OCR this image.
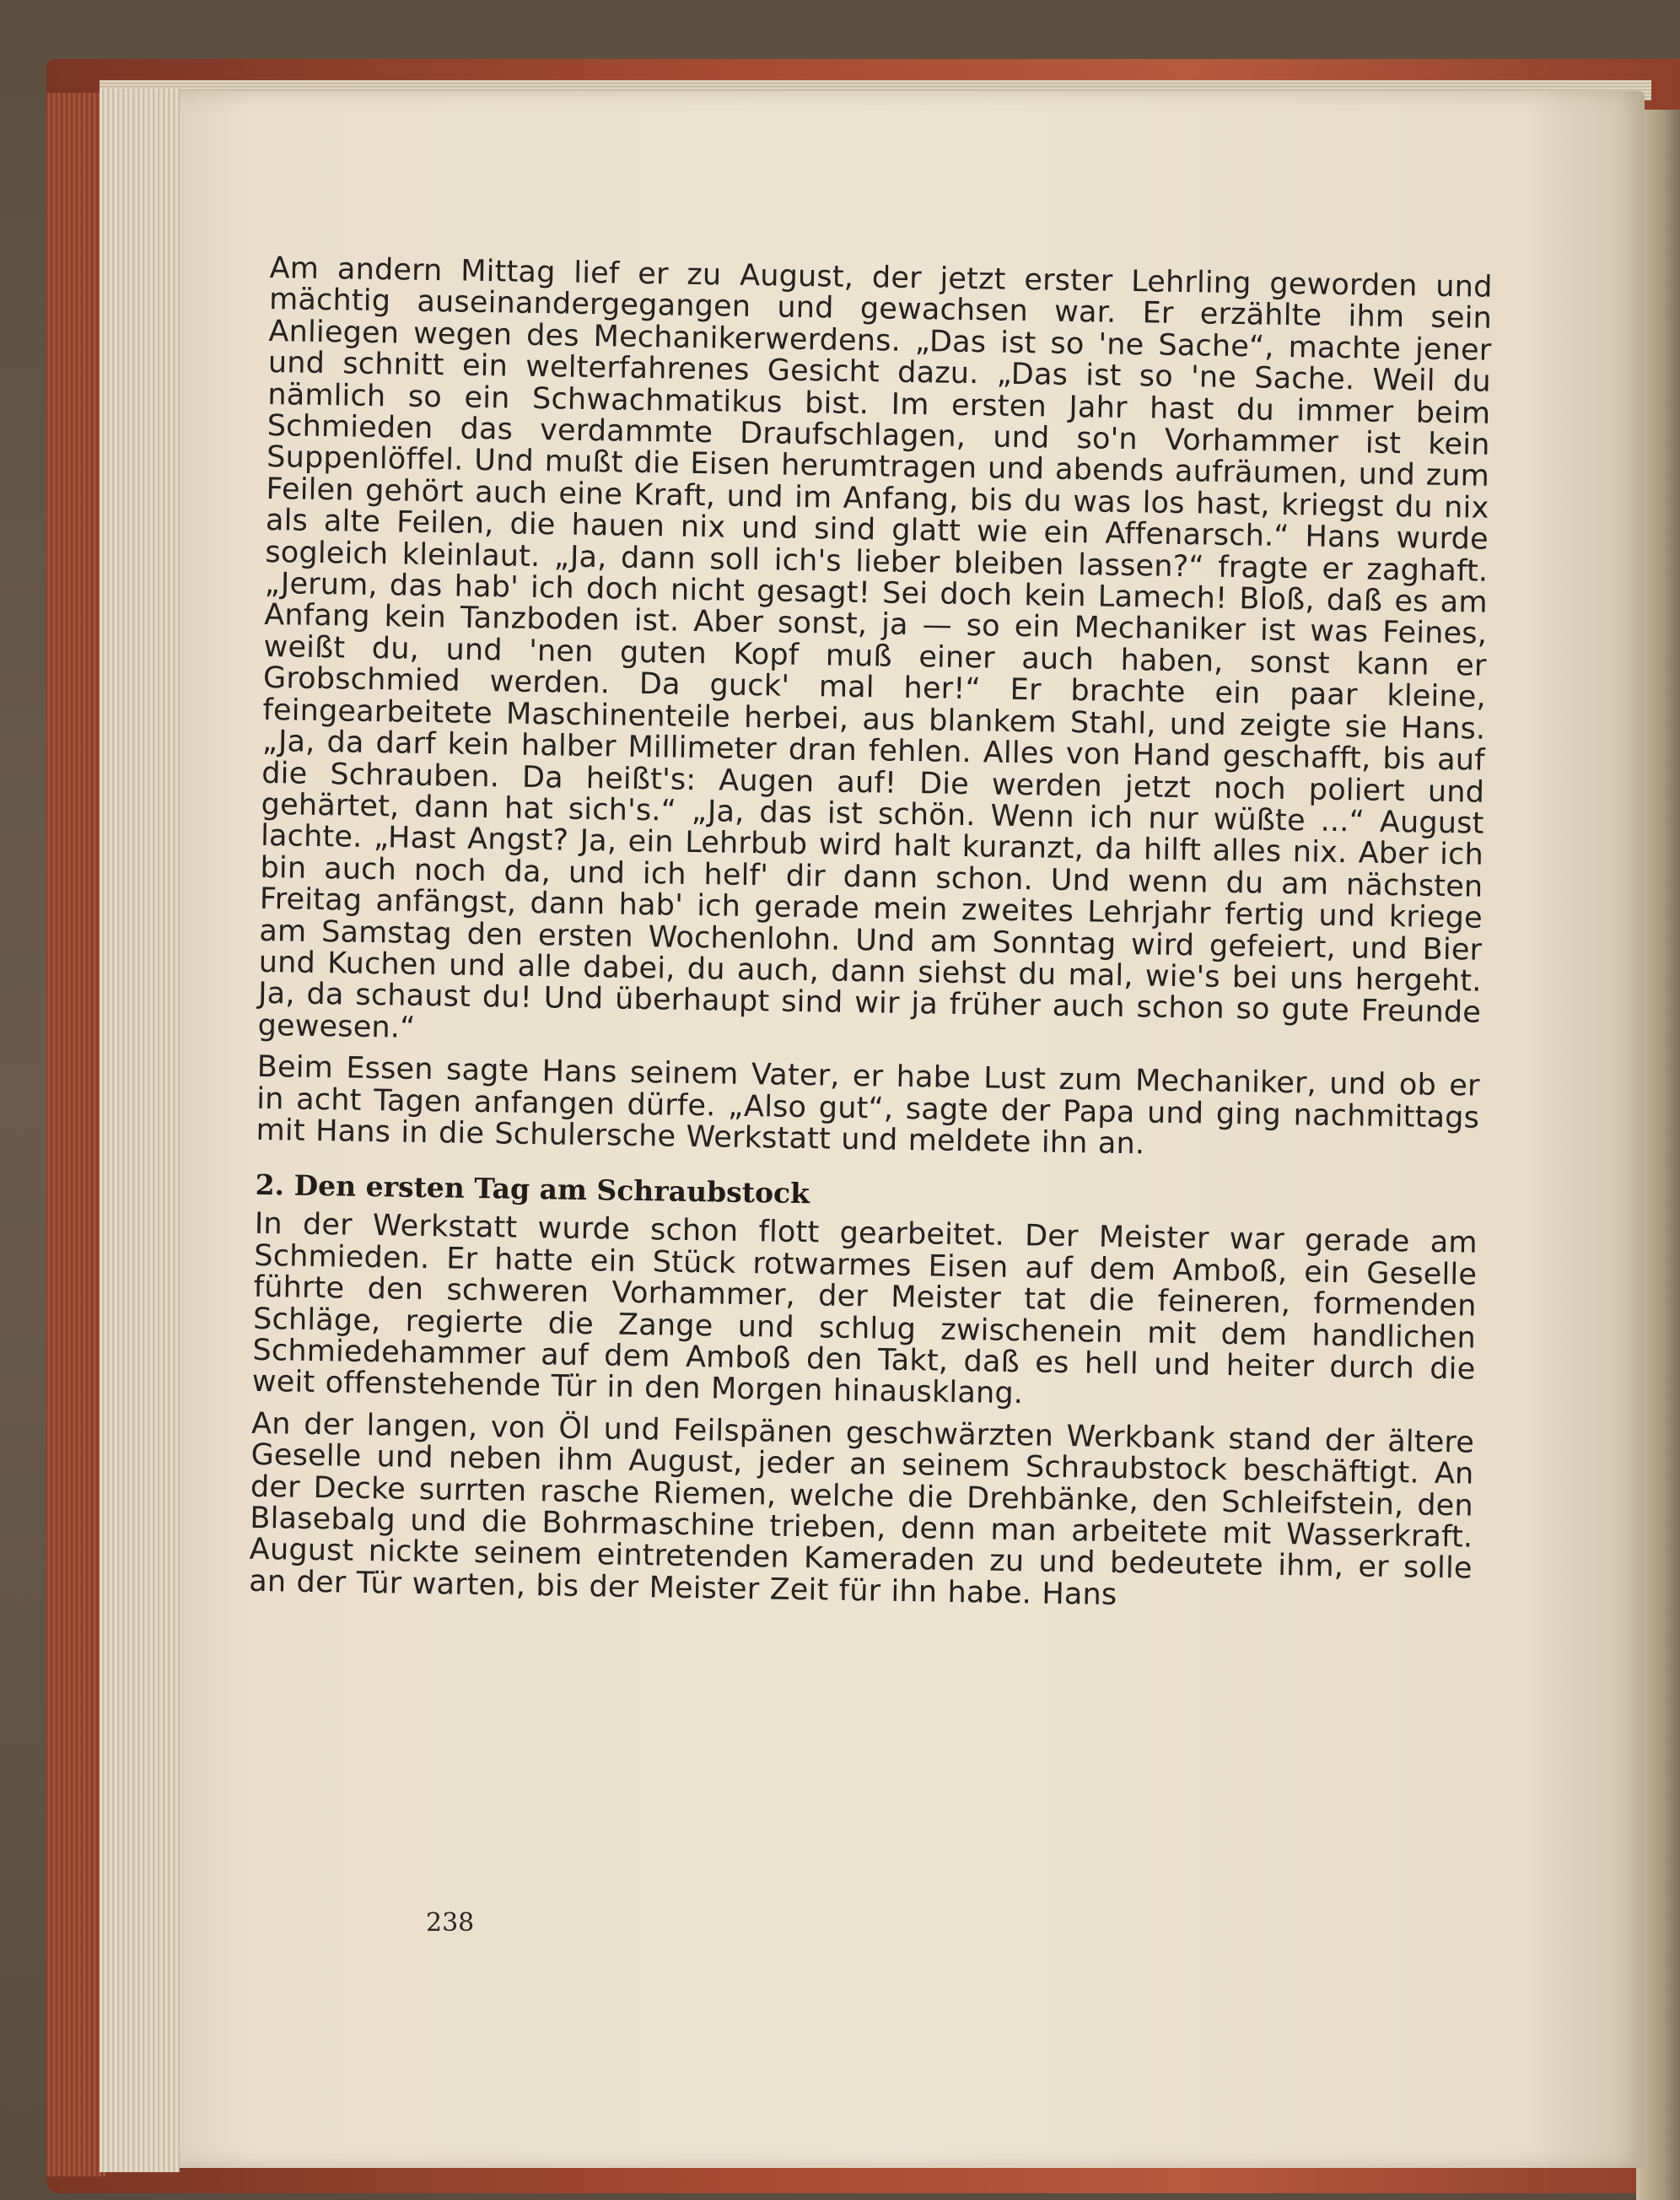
Am andern Mittag lief er zu August, der jetzt erster Lehrling geworden und mächtig auseinandergegangen und gewachsen war. Er erzählte ihm sein Anliegen wegen des Mechanikerwerdens. „Das ist so 'ne Sache“, machte jener und schnitt ein welterfahrenes Gesicht dazu. „Das ist so 'ne Sache. Weil du nämlich so ein Schwachmatikus bist. Im ersten Jahr hast du immer beim Schmieden das verdammte Draufschlagen, und so'n Vorhammer ist kein Suppenlöffel. Und mußt die Eisen herumtragen und abends aufräumen, und zum Feilen gehört auch eine Kraft, und im Anfang, bis du was los hast, kriegst du nix als alte Feilen, die hauen nix und sind glatt wie ein Affenarsch.“ Hans wurde sogleich kleinlaut. „Ja, dann soll ich's lieber bleiben lassen?“ fragte er zaghaft. „Jerum, das hab' ich doch nicht gesagt! Sei doch kein Lamech! Bloß, daß es am Anfang kein Tanzboden ist. Aber sonst, ja — so ein Mechaniker ist was Feines, weißt du, und 'nen guten Kopf muß einer auch haben, sonst kann er Grobschmied werden. Da guck' mal her!“ Er brachte ein paar kleine, feingearbeitete Maschinenteile herbei, aus blankem Stahl, und zeigte sie Hans. „Ja, da darf kein halber Millimeter dran fehlen. Alles von Hand geschafft, bis auf die Schrauben. Da heißt's: Augen auf! Die werden jetzt noch poliert und gehärtet, dann hat sich's.“ „Ja, das ist schön. Wenn ich nur wüßte ...“ August lachte. „Hast Angst? Ja, ein Lehrbub wird halt kuranzt, da hilft alles nix. Aber ich bin auch noch da, und ich helf' dir dann schon. Und wenn du am nächsten Freitag anfängst, dann hab' ich gerade mein zweites Lehrjahr fertig und kriege am Samstag den ersten Wochenlohn. Und am Sonntag wird gefeiert, und Bier und Kuchen und alle dabei, du auch, dann siehst du mal, wie's bei uns hergeht. Ja, da schaust du! Und überhaupt sind wir ja früher auch schon so gute Freunde gewesen.“

Beim Essen sagte Hans seinem Vater, er habe Lust zum Mechaniker, und ob er in acht Tagen anfangen dürfe. „Also gut“, sagte der Papa und ging nachmittags mit Hans in die Schulersche Werkstatt und meldete ihn an.

2. Den ersten Tag am Schraubstock

In der Werkstatt wurde schon flott gearbeitet. Der Meister war gerade am Schmieden. Er hatte ein Stück rotwarmes Eisen auf dem Amboß, ein Geselle führte den schweren Vorhammer, der Meister tat die feineren, formenden Schläge, regierte die Zange und schlug zwischenein mit dem handlichen Schmiedehammer auf dem Amboß den Takt, daß es hell und heiter durch die weit offenstehende Tür in den Morgen hinausklang.

An der langen, von Öl und Feilspänen geschwärzten Werkbank stand der ältere Geselle und neben ihm August, jeder an seinem Schraubstock beschäftigt. An der Decke surrten rasche Riemen, welche die Drehbänke, den Schleifstein, den Blasebalg und die Bohrmaschine trieben, denn man arbeitete mit Wasserkraft. August nickte seinem eintretenden Kameraden zu und bedeutete ihm, er solle an der Tür warten, bis der Meister Zeit für ihn habe. Hans

238
